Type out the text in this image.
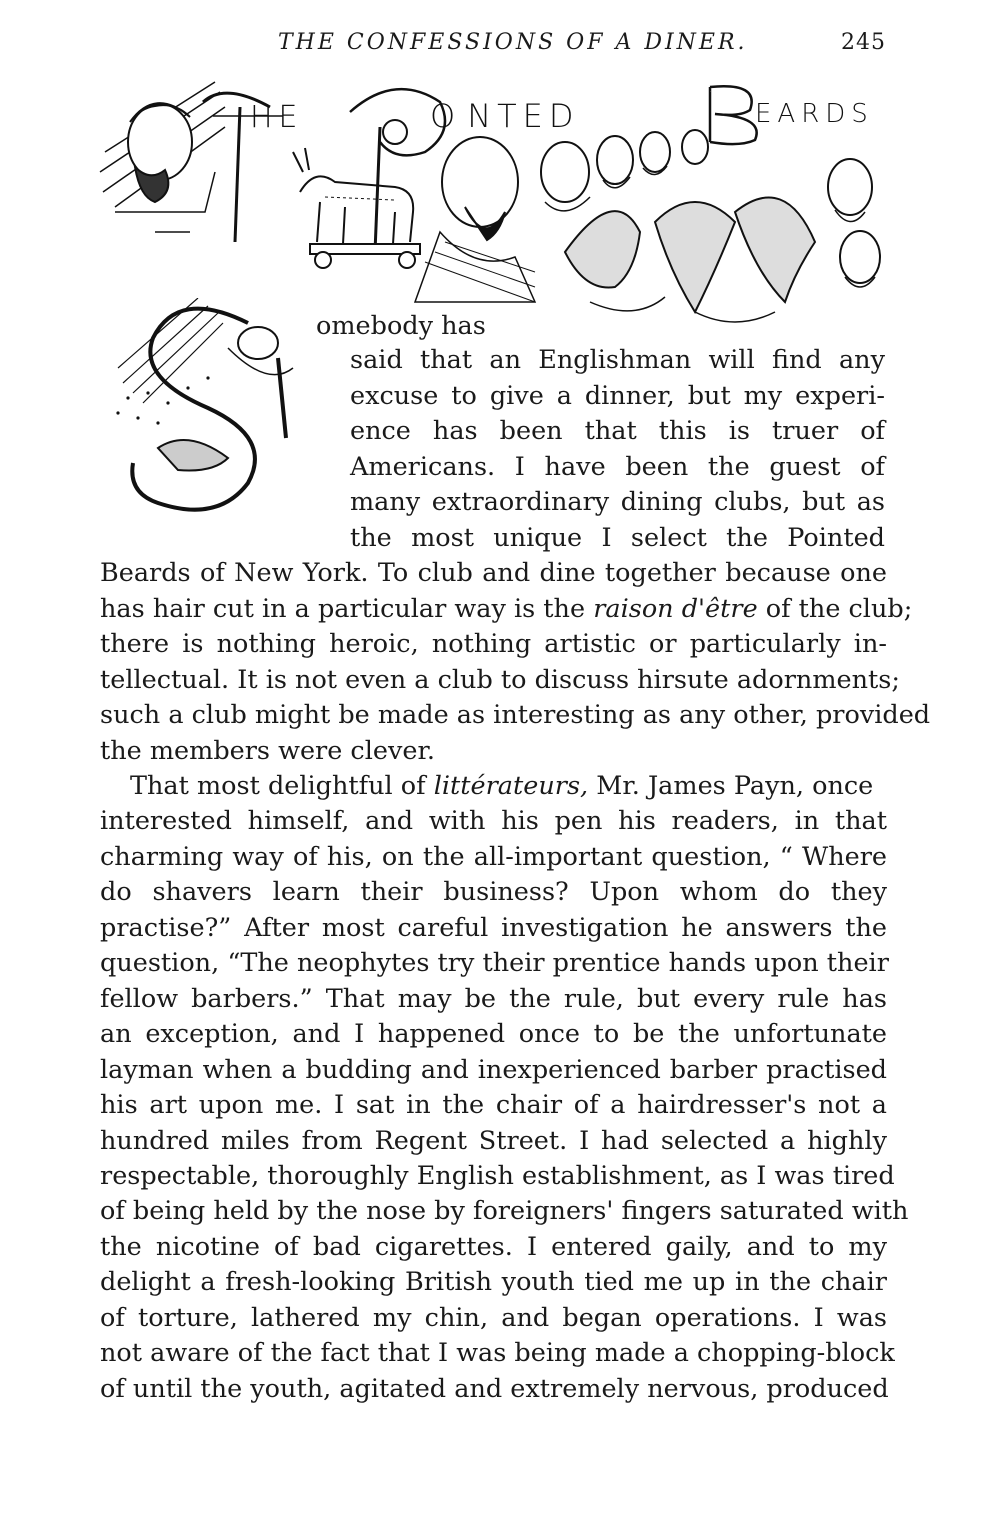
THE CONFESSIONS OF A DINER.	245
HE
P
O NTED
B
EARDS
S
omebody has
said that an Englishman will find any
excuse to give a dinner, but my experi-
ence has been that this is truer of
Americans. I have been the guest of
many extraordinary dining clubs, but as
the most unique I select the Pointed
Beards of New York. To club and dine together because one
has hair cut in a particular way is the raison d'être of the club;
there is nothing heroic, nothing artistic or particularly in-
tellectual. It is not even a club to discuss hirsute adornments;
such a club might be made as interesting as any other, provided
the members were clever.
That most delightful of littérateurs, Mr. James Payn, once
interested himself, and with his pen his readers, in that
charming way of his, on the all-important question, “ Where
do shavers learn their business? Upon whom do they
practise?” After most careful investigation he answers the
question, “The neophytes try their prentice hands upon their
fellow barbers.” That may be the rule, but every rule has
an exception, and I happened once to be the unfortunate
layman when a budding and inexperienced barber practised
his art upon me. I sat in the chair of a hairdresser's not a
hundred miles from Regent Street. I had selected a highly
respectable, thoroughly English establishment, as I was tired
of being held by the nose by foreigners' fingers saturated with
the nicotine of bad cigarettes. I entered gaily, and to my
delight a fresh-looking British youth tied me up in the chair
of torture, lathered my chin, and began operations. I was
not aware of the fact that I was being made a chopping-block
of until the youth, agitated and extremely nervous, produced
